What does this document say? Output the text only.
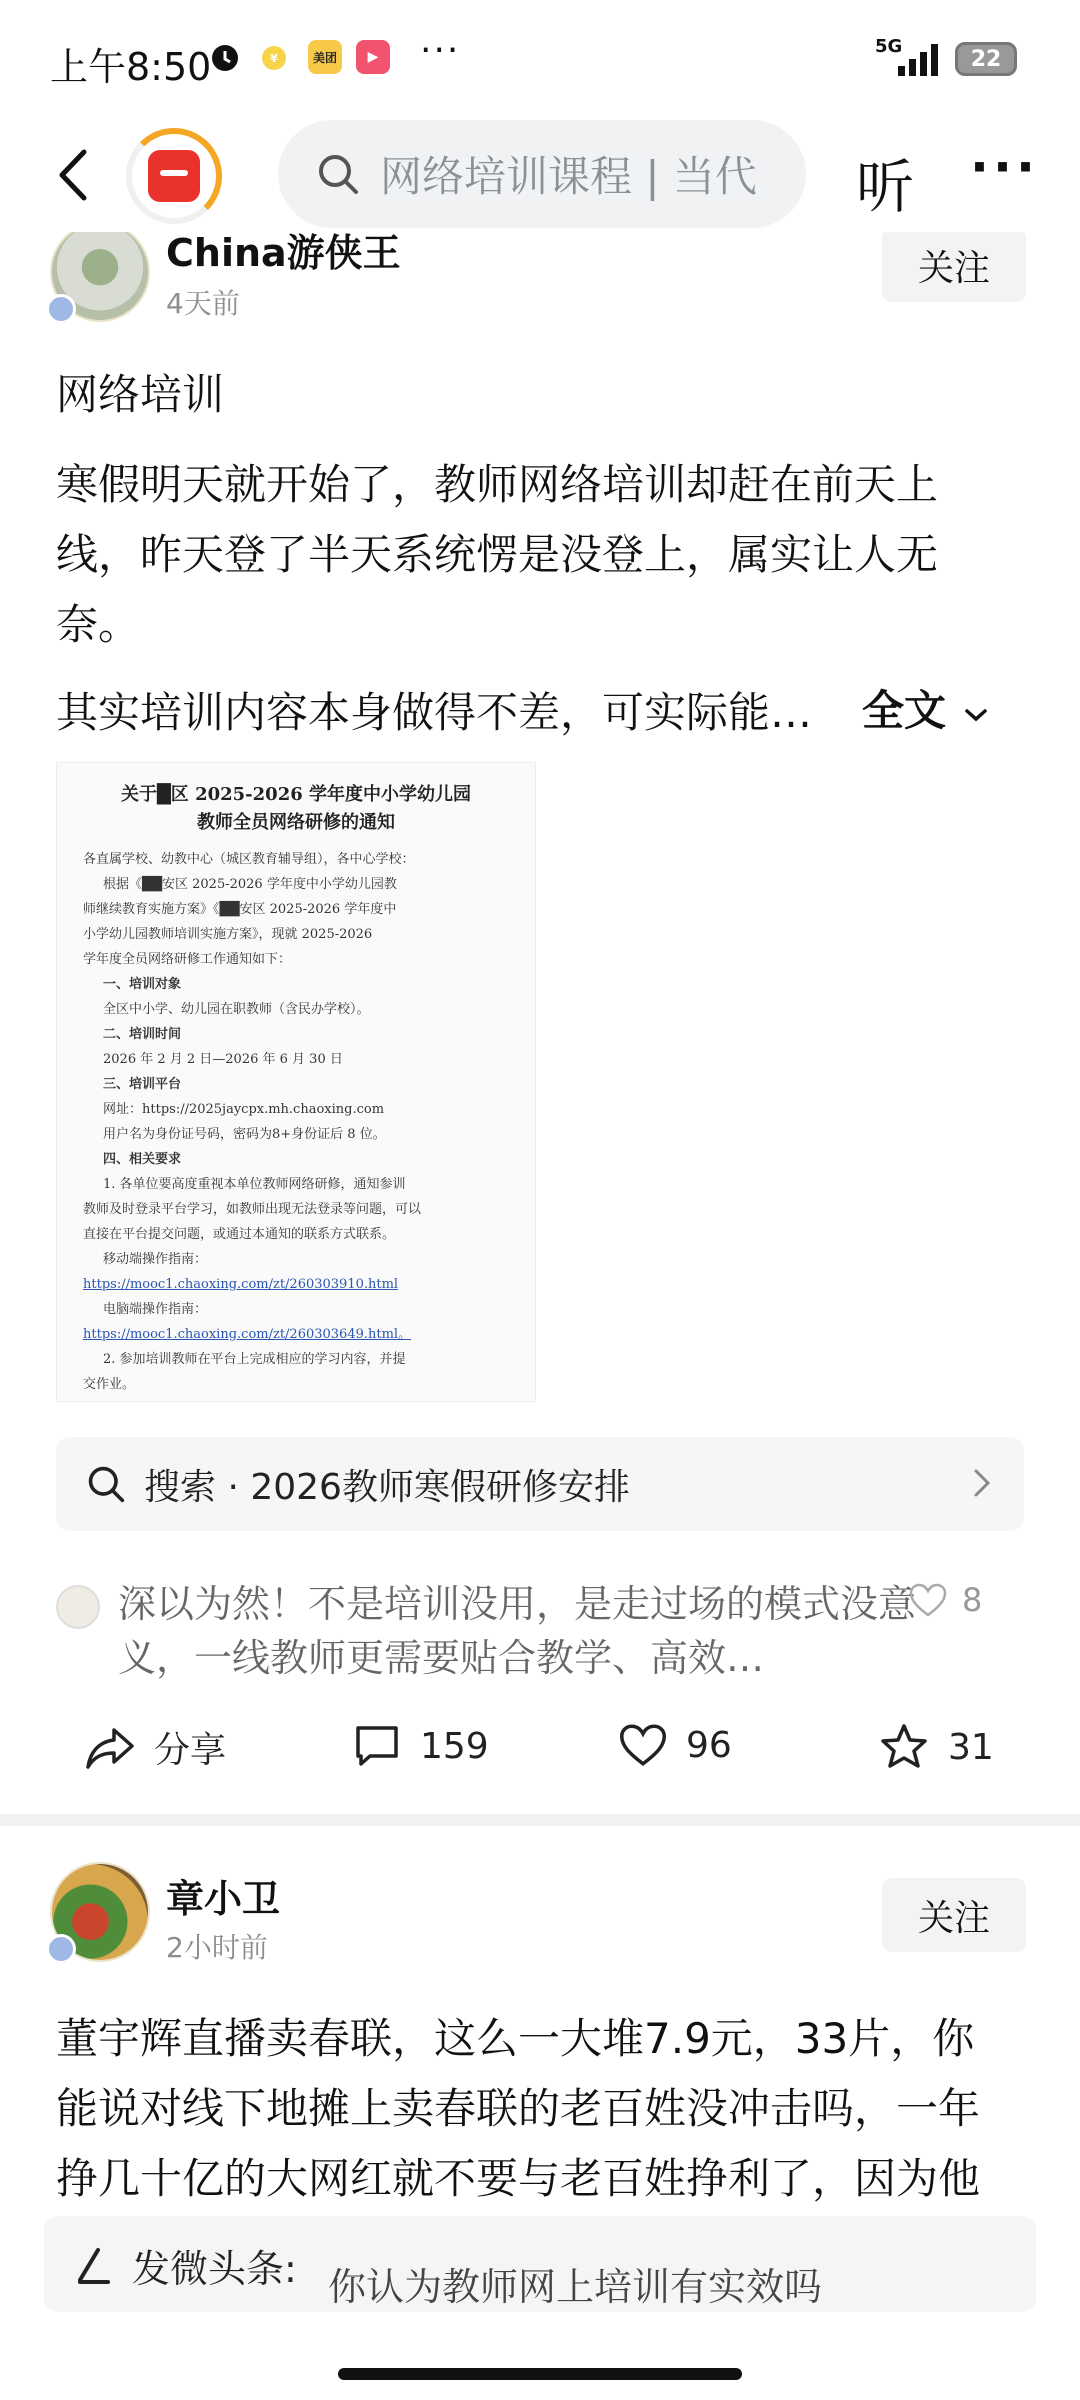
上午8:50	¥	美团	▶	···	5G	22
网络培训课程 | 当代	听 ···
China游侠王
4天前
关注
网络培训
寒假明天就开始了，教师网络培训却赶在前天上线，昨天登了半天系统愣是没登上，属实让人无奈。
其实培训内容本身做得不差，可实际能…	全文
关于█区 2025-2026 学年度中小学幼儿园
教师全员网络研修的通知
各直属学校、幼教中心（城区教育辅导组），各中心学校：
根据《██安区 2025-2026 学年度中小学幼儿园教
师继续教育实施方案》《██安区 2025-2026 学年度中
小学幼儿园教师培训实施方案》，现就 2025-2026
学年度全员网络研修工作通知如下：
一、培训对象
全区中小学、幼儿园在职教师（含民办学校）。
二、培训时间
2026 年 2 月 2 日—2026 年 6 月 30 日
三、培训平台
网址：https://2025jaycpx.mh.chaoxing.com
用户名为身份证号码，密码为8+身份证后 8 位。
四、相关要求
1. 各单位要高度重视本单位教师网络研修，通知参训
教师及时登录平台学习，如教师出现无法登录等问题，可以
直接在平台提交问题，或通过本通知的联系方式联系。
移动端操作指南：
https://mooc1.chaoxing.com/zt/260303910.html
电脑端操作指南：
https://mooc1.chaoxing.com/zt/260303649.html。
2. 参加培训教师在平台上完成相应的学习内容，并提
交作业。
搜索 · 2026教师寒假研修安排
深以为然！不是培训没用，是走过场的模式没意义，一线教师更需要贴合教学、高效…
8
分享	159	96	31
章小卫
2小时前
关注
董宇辉直播卖春联，这么一大堆7.9元，33片，你能说对线下地摊上卖春联的老百姓没冲击吗，一年挣几十亿的大网红就不要与老百姓挣利了，因为他
发微头条: 你认为教师网上培训有实效吗
